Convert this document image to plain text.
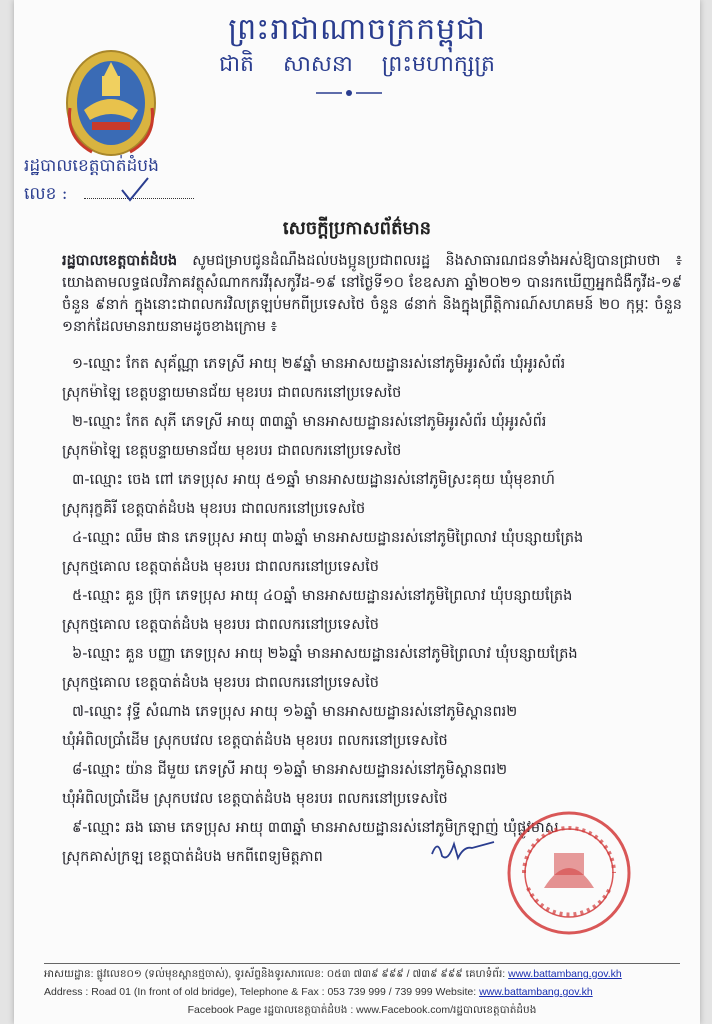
ព្រះរាជាណាចក្រកម្ពុជា
ជាតិ សាសនា ព្រះមហាក្សត្រ
រដ្ឋបាលខេត្តបាត់ដំបង
លេខ :
សេចក្ដីប្រកាសព័ត៌មាន
រដ្ឋបាលខេត្តបាត់ដំបង សូមជម្រាបជូនដំណឹងដល់បងប្អូនប្រជាពលរដ្ឋ និងសាធារណជនទាំងអស់ឱ្យបានជ្រាបថា ៖ យោងតាមលទ្ធផលវិភាគវត្ថុសំណាកករវីរុសកូវីដ-១៩ នៅថ្ងៃទី១០ ខែឧសភា ឆ្នាំ២០២១ បានរកឃើញអ្នកជំងឺកូវីដ-១៩ ចំនួន ៩នាក់ ក្នុងនោះជាពលករវិលត្រឡប់មកពីប្រទេសថៃ ចំនួន ៨នាក់ និងក្នុងព្រឹត្តិការណ៍សហគមន៍ ២០ កុម្ភៈ ចំនួន ១នាក់ដែលមានរាយនាមដូចខាងក្រោម ៖

១-ឈ្មោះ កែត សុគ័ណ្ណា ភេទស្រី អាយុ ២៩ឆ្នាំ មានអាសយដ្ឋានរស់នៅភូមិអូរសំព័រ ឃុំអូរសំព័រ
ស្រុកម៉ាឡៃ ខេត្តបន្ទាយមានជ័យ មុខរបរ ជាពលករនៅប្រទេសថៃ

២-ឈ្មោះ កែត សុភី ភេទស្រី អាយុ ៣៣ឆ្នាំ មានអាសយដ្ឋានរស់នៅភូមិអូរសំព័រ ឃុំអូរសំព័រ
ស្រុកម៉ាឡៃ ខេត្តបន្ទាយមានជ័យ មុខរបរ ជាពលករនៅប្រទេសថៃ

៣-ឈ្មោះ ចេង ពៅ ភេទប្រុស អាយុ ៥១ឆ្នាំ មានអាសយដ្ឋានរស់នៅភូមិស្រះគុយ ឃុំមុខរាហ៍
ស្រុករុក្ខគិរី ខេត្តបាត់ដំបង មុខរបរ ជាពលករនៅប្រទេសថៃ

៤-ឈ្មោះ ឈឹម ផាន ភេទប្រុស អាយុ ៣៦ឆ្នាំ មានអាសយដ្ឋានរស់នៅភូមិព្រៃលាវ ឃុំបន្សាយត្រែង
ស្រុកថ្មគោល ខេត្តបាត់ដំបង មុខរបរ ជាពលករនៅប្រទេសថៃ

៥-ឈ្មោះ គួន ប្រ៊ុក ភេទប្រុស អាយុ ៤០ឆ្នាំ មានអាសយដ្ឋានរស់នៅភូមិព្រៃលាវ ឃុំបន្សាយត្រែង
ស្រុកថ្មគោល ខេត្តបាត់ដំបង មុខរបរ ជាពលករនៅប្រទេសថៃ

៦-ឈ្មោះ គួន បញ្ញា ភេទប្រុស អាយុ ២៦ឆ្នាំ មានអាសយដ្ឋានរស់នៅភូមិព្រៃលាវ ឃុំបន្សាយត្រែង
ស្រុកថ្មគោល ខេត្តបាត់ដំបង មុខរបរ ជាពលករនៅប្រទេសថៃ

៧-ឈ្មោះ វុទ្ធី សំណាង ភេទប្រុស អាយុ ១៦ឆ្នាំ មានអាសយដ្ឋានរស់នៅភូមិស្ពានពរ២
ឃុំអំពិលប្រាំដើម ស្រុកបវេល ខេត្តបាត់ដំបង មុខរបរ ពលករនៅប្រទេសថៃ

៨-ឈ្មោះ យ៉ាន ជីមួយ ភេទស្រី អាយុ ១៦ឆ្នាំ មានអាសយដ្ឋានរស់នៅភូមិស្ពានពរ២
ឃុំអំពិលប្រាំដើម ស្រុកបវេល ខេត្តបាត់ដំបង មុខរបរ ពលករនៅប្រទេសថៃ

៩-ឈ្មោះ ឆង ឆោម ភេទប្រុស អាយុ ៣៣ឆ្នាំ មានអាសយដ្ឋានរស់នៅភូមិក្រឡាញ់ ឃុំផ្លូវមាស
ស្រុកគាស់ក្រឡ ខេត្តបាត់ដំបង មកពីពេទ្យមិត្តភាព

អាសយដ្ឋាន: ផ្លូវលេខ០១ (ទល់មុខស្ពានថ្មចាស់), ទូរស័ព្ទនិងទូរសារលេខ: ០៥៣ ៧៣៩ ៩៩៩ / ៧៣៩ ៩៩៩ គេហទំព័រ: www.battambang.gov.kh
Address : Road 01 (In front of old bridge), Telephone & Fax : 053 739 999 / 739 999 Website: www.battambang.gov.kh
Facebook Page រដ្ឋបាលខេត្តបាត់ដំបង : www.Facebook.com/រដ្ឋបាលខេត្តបាត់ដំបង
